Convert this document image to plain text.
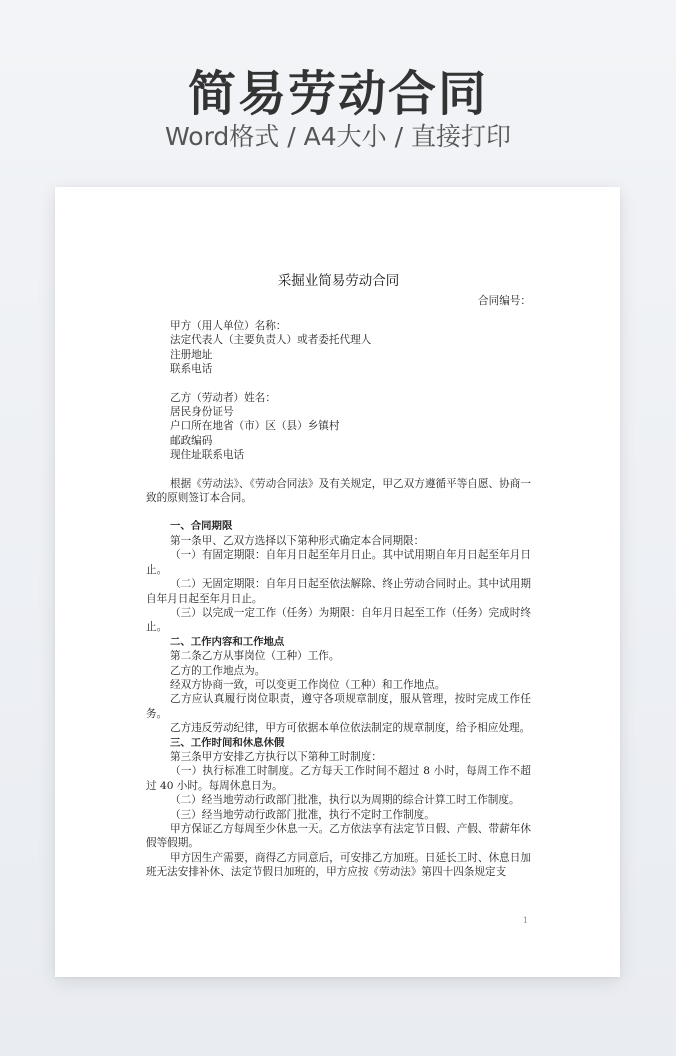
简易劳动合同
Word格式 / A4大小 / 直接打印
采掘业简易劳动合同
合同编号：
甲方（用人单位）名称：
法定代表人（主要负责人）或者委托代理人
注册地址
联系电话
乙方（劳动者）姓名：
居民身份证号
户口所在地省（市）区（县）乡镇村
邮政编码
现住址联系电话
根据《劳动法》、《劳动合同法》及有关规定，甲乙双方遵循平等自愿、协商一致的原则签订本合同。
一、合同期限
第一条甲、乙双方选择以下第种形式确定本合同期限：
（一）有固定期限：自年月日起至年月日止。其中试用期自年月日起至年月日止。
（二）无固定期限：自年月日起至依法解除、终止劳动合同时止。其中试用期自年月日起至年月日止。
（三）以完成一定工作（任务）为期限：自年月日起至工作（任务）完成时终止。
二、工作内容和工作地点
第二条乙方从事岗位（工种）工作。
乙方的工作地点为。
经双方协商一致，可以变更工作岗位（工种）和工作地点。
乙方应认真履行岗位职责，遵守各项规章制度，服从管理，按时完成工作任务。
乙方违反劳动纪律，甲方可依据本单位依法制定的规章制度，给予相应处理。
三、工作时间和休息休假
第三条甲方安排乙方执行以下第种工时制度：
（一）执行标准工时制度。乙方每天工作时间不超过 8 小时，每周工作不超过 40 小时。每周休息日为。
（二）经当地劳动行政部门批准，执行以为周期的综合计算工时工作制度。
（三）经当地劳动行政部门批准，执行不定时工作制度。
甲方保证乙方每周至少休息一天。乙方依法享有法定节日假、产假、带薪年休假等假期。
甲方因生产需要，商得乙方同意后，可安排乙方加班。日延长工时、休息日加班无法安排补休、法定节假日加班的，甲方应按《劳动法》第四十四条规定支
1
